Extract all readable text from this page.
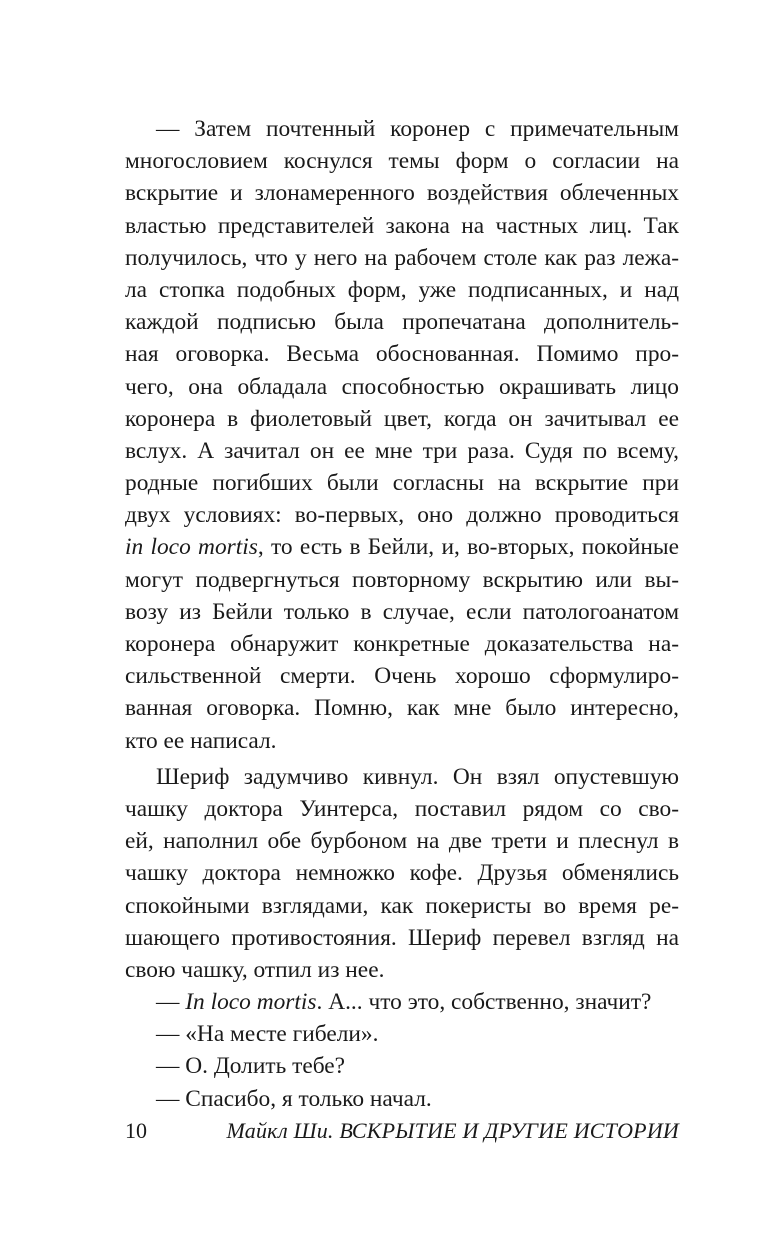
— Затем почтенный коронер с примечательным
многословием коснулся темы форм о согласии на
вскрытие и злонамеренного воздействия облеченных
властью представителей закона на частных лиц. Так
получилось, что у него на рабочем столе как раз лежа-
ла стопка подобных форм, уже подписанных, и над
каждой подписью была пропечатана дополнитель-
ная оговорка. Весьма обоснованная. Помимо про-
чего, она обладала способностью окрашивать лицо
коронера в фиолетовый цвет, когда он зачитывал ее
вслух. А зачитал он ее мне три раза. Судя по всему,
родные погибших были согласны на вскрытие при
двух условиях: во-первых, оно должно проводиться
in loco mortis, то есть в Бейли, и, во-вторых, покойные
могут подвергнуться повторному вскрытию или вы-
возу из Бейли только в случае, если патологоанатом
коронера обнаружит конкретные доказательства на-
сильственной смерти. Очень хорошо сформулиро-
ванная оговорка. Помню, как мне было интересно,
кто ее написал.
Шериф задумчиво кивнул. Он взял опустевшую
чашку доктора Уинтерса, поставил рядом со сво-
ей, наполнил обе бурбоном на две трети и плеснул в
чашку доктора немножко кофе. Друзья обменялись
спокойными взглядами, как покеристы во время ре-
шающего противостояния. Шериф перевел взгляд на
свою чашку, отпил из нее.
— In loco mortis. А... что это, собственно, значит?
— «На месте гибели».
— О. Долить тебе?
— Спасибо, я только начал.
10	Майкл Ши. ВСКРЫТИЕ И ДРУГИЕ ИСТОРИИ
